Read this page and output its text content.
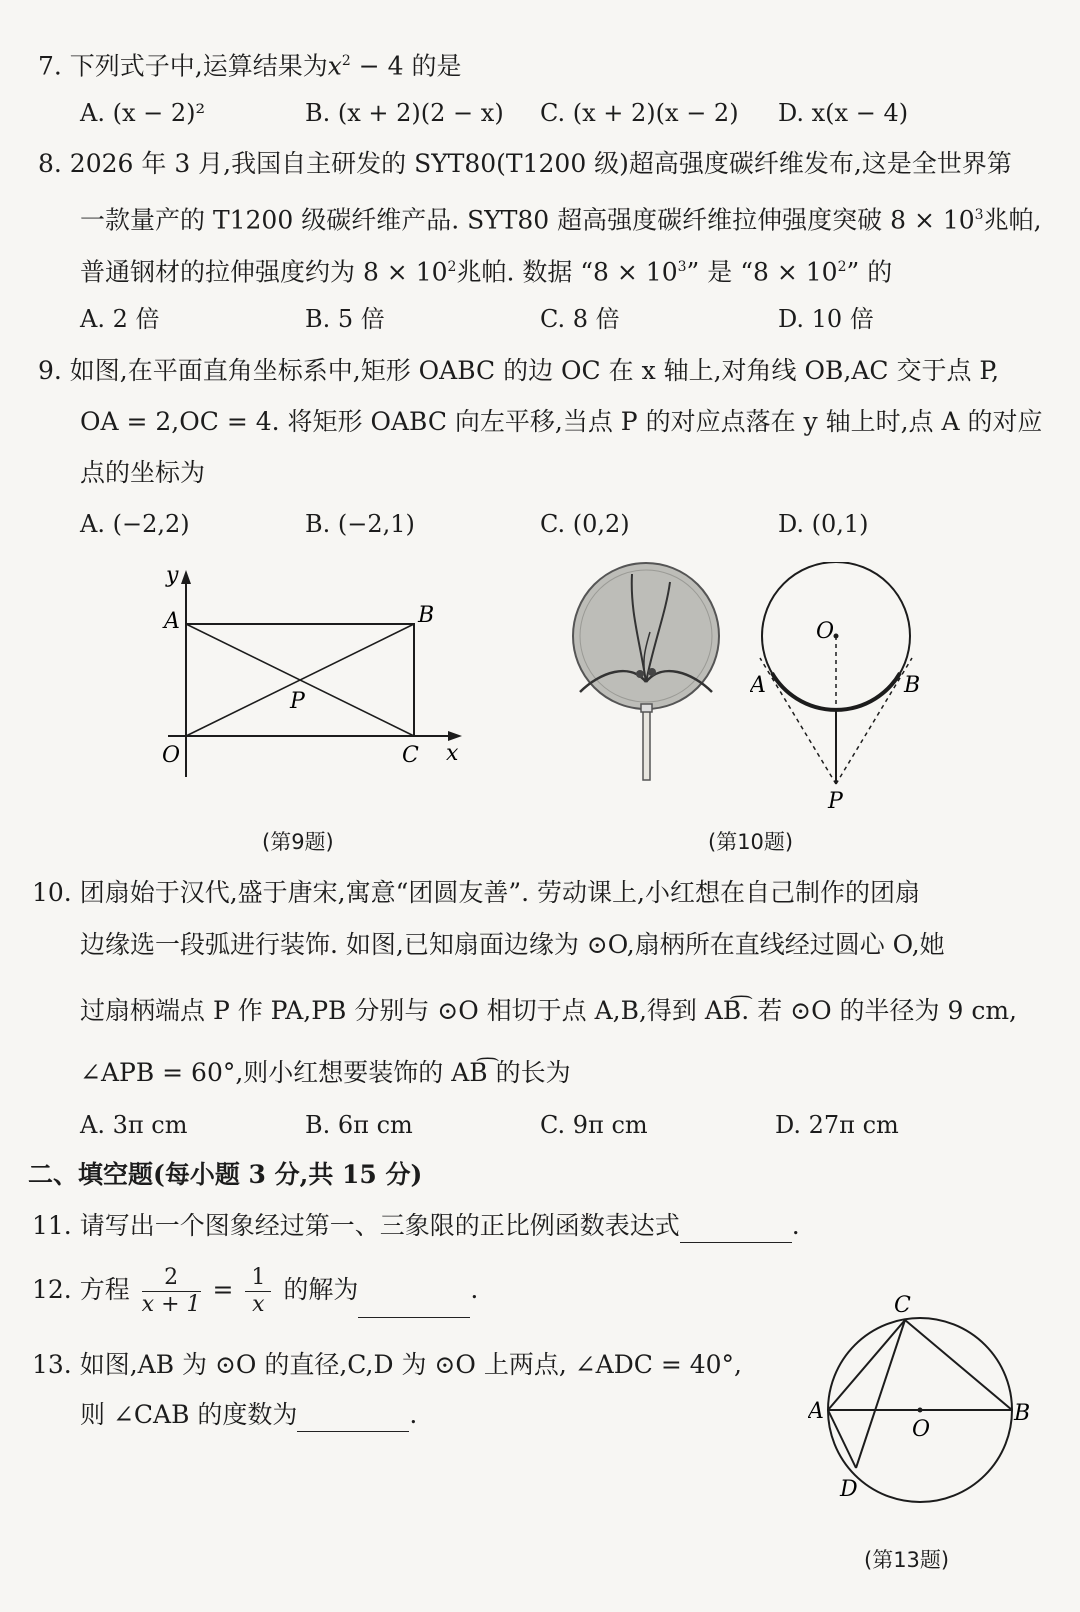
7. 下列式子中,运算结果为$x^2 - 4$ 的是
A. (x − 2)²	B. (x + 2)(2 − x) C. (x + 2)(x − 2) D. x(x − 4)
8. 2026 年 3 月,我国自主研发的 SYT80(T1200 级)超高强度碳纤维发布,这是全世界第
一款量产的 T1200 级碳纤维产品. SYT80 超高强度碳纤维拉伸强度突破 $8 \times 10^3$兆帕,
普通钢材的拉伸强度约为 $8 \times 10^2$兆帕. 数据 “$8 \times 10^3$” 是 “$8 \times 10^2$” 的
A. 2 倍	B. 5 倍	C. 8 倍	D. 10 倍
9. 如图,在平面直角坐标系中,矩形 OABC 的边 OC 在 x 轴上,对角线 OB,AC 交于点 P,
OA = 2,OC = 4. 将矩形 OABC 向左平移,当点 P 的对应点落在 y 轴上时,点 A 的对应
点的坐标为
A. (−2,2)	B. (−2,1)	C. (0,2)	D. (0,1)
y
A	B
O	C x
P
(第9题)
O
A	B
P
(第10题)
10. 团扇始于汉代,盛于唐宋,寓意“团圆友善”. 劳动课上,小红想在自己制作的团扇
边缘选一段弧进行装饰. 如图,已知扇面边缘为 ⊙O,扇柄所在直线经过圆心 O,她
过扇柄端点 P 作 PA,PB 分别与 ⊙O 相切于点 A,B,得到 AB͡. 若 ⊙O 的半径为 9 cm,
∠APB = 60°,则小红想要装饰的 AB͡ 的长为
A. 3π cm	B. 6π cm	C. 9π cm	D. 27π cm
二、填空题(每小题 3 分,共 15 分)
11. 请写出一个图象经过第一、三象限的正比例函数表达式	.
12. 方程 $\frac{2}{x + 1} = \frac{1}{x}$ 的解为	.
13. 如图,AB 为 ⊙O 的直径,C,D 为 ⊙O 上两点, ∠ADC = 40°,
则 ∠CAB 的度数为	.
C
A	B
O
D
(第13题)
